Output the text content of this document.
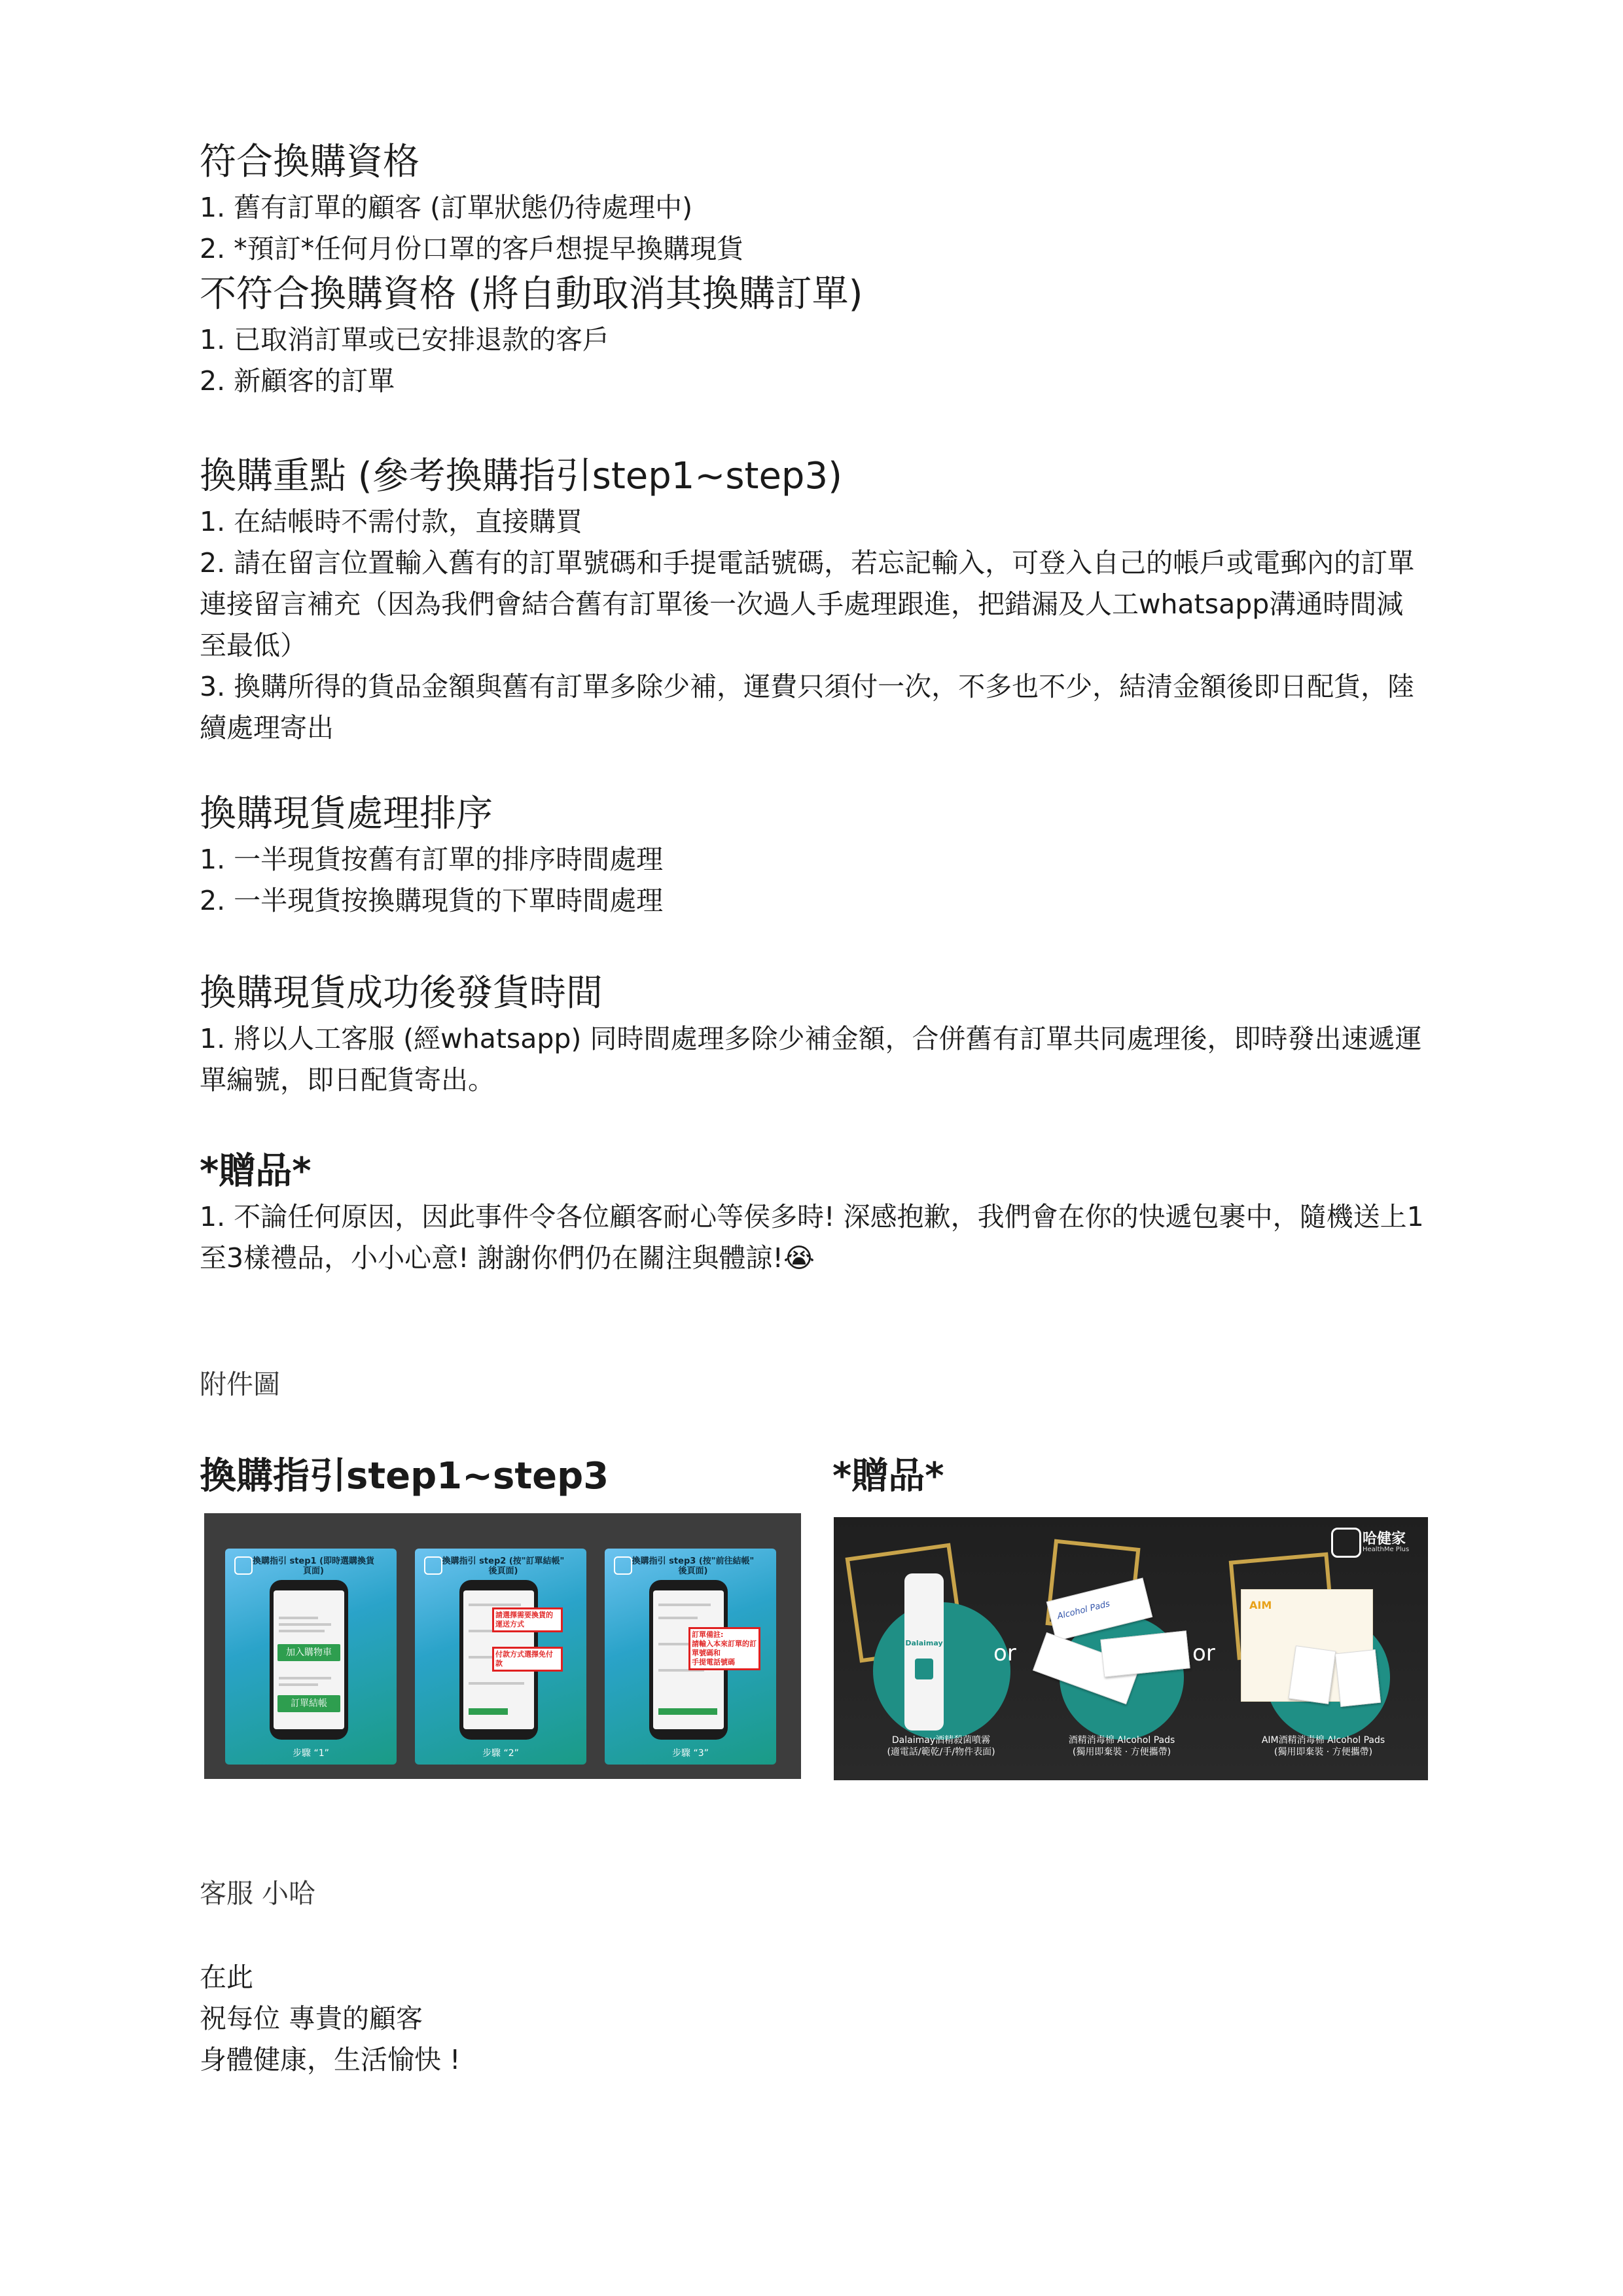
符合換購資格

1. 舊有訂單的顧客 (訂單狀態仍待處理中)

2. *預訂*任何月份口罩的客戶想提早換購現貨

不符合換購資格 (將自動取消其換購訂單)

1. 已取消訂單或已安排退款的客戶

2. 新顧客的訂單

換購重點 (參考換購指引step1~step3)

1. 在結帳時不需付款，直接購買

2. 請在留言位置輸入舊有的訂單號碼和手提電話號碼，若忘記輸入，可登入自己的帳戶或電郵內的訂單連接留言補充（因為我們會結合舊有訂單後一次過人手處理跟進，把錯漏及人工whatsapp溝通時間減至最低）

3. 換購所得的貨品金額與舊有訂單多除少補，運費只須付一次，不多也不少，結清金額後即日配貨，陸續處理寄出

換購現貨處理排序

1. 一半現貨按舊有訂單的排序時間處理

2. 一半現貨按換購現貨的下單時間處理

換購現貨成功後發貨時間

1. 將以人工客服 (經whatsapp) 同時間處理多除少補金額，合併舊有訂單共同處理後，即時發出速遞運單編號，即日配貨寄出。

*贈品*

1. 不論任何原因，因此事件令各位顧客耐心等侯多時! 深感抱歉，我們會在你的快遞包裹中，隨機送上1至3樣禮品，小小心意! 謝謝你們仍在關注與體諒!😭

附件圖

換購指引step1~step3	*贈品*
換購指引 step1 (即時選購換貨頁面)
加入購物車
訂單結帳
步驟 “1”
換購指引 step2 (按"訂單結帳" 後頁面)
請選擇需要換貨的運送方式
付款方式選擇免付款
步驟 “2”
換購指引 step3 (按"前往結帳" 後頁面)
訂單備註:
請輸入本來訂單的訂單號碼和
手提電話號碼
步驟 “3”
Dalaimay
Alcohol Pads	AIM
or	or
哈健家
HealthMe Plus
Dalaimay酒精殺菌噴霧
(適電話/範乾/手/物件表面)
酒精消毒棉 Alcohol Pads
(獨用即棄裝 · 方便攜帶)
AIM酒精消毒棉 Alcohol Pads
(獨用即棄裝 · 方便攜帶)

客服 小哈

在此

祝每位 專貴的顧客

身體健康，生活愉快 !
